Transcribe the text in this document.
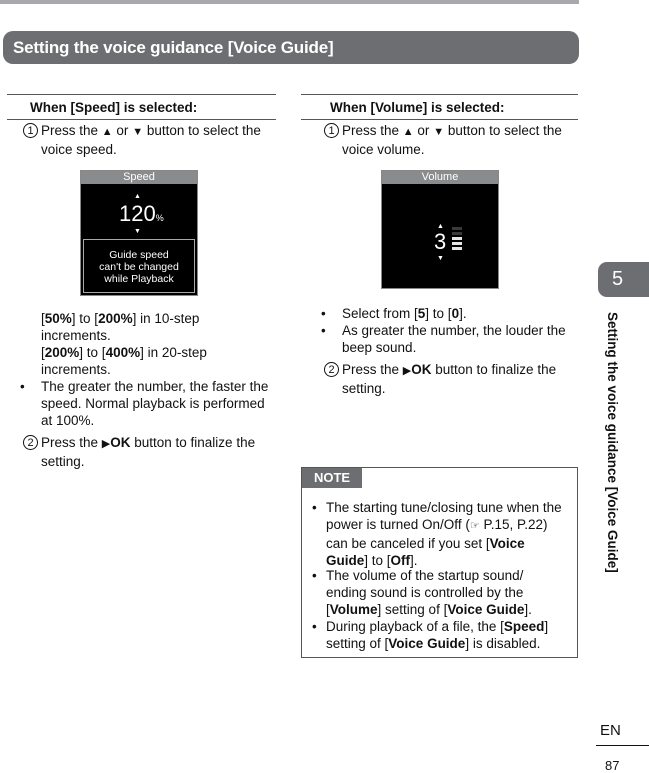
Setting the voice guidance [Voice Guide]
When [Speed] is selected:
1 Press the ▲ or ▼ button to select the voice speed.
Speed
▲
120%
▼
Guide speed
can't be changed
while Playback
[50%] to [200%] in 10-step increments.
[200%] to [400%] in 20-step increments.
• The greater the number, the faster the speed. Normal playback is performed at 100%.
2 Press the ▶OK button to finalize the setting.
When [Volume] is selected:
1 Press the ▲ or ▼ button to select the voice volume.
Volume
▲
3
▼
• Select from [5] to [0].
• As greater the number, the louder the beep sound.
2 Press the ▶OK button to finalize the setting.
NOTE
• The starting tune/closing tune when the power is turned On/Off (☞ P.15, P.22) can be canceled if you set [Voice Guide] to [Off].
• The volume of the startup sound/ ending sound is controlled by the [Volume] setting of [Voice Guide].
• During playback of a file, the [Speed] setting of [Voice Guide] is disabled.
5
Setting the voice guidance [Voice Guide]
EN
87
